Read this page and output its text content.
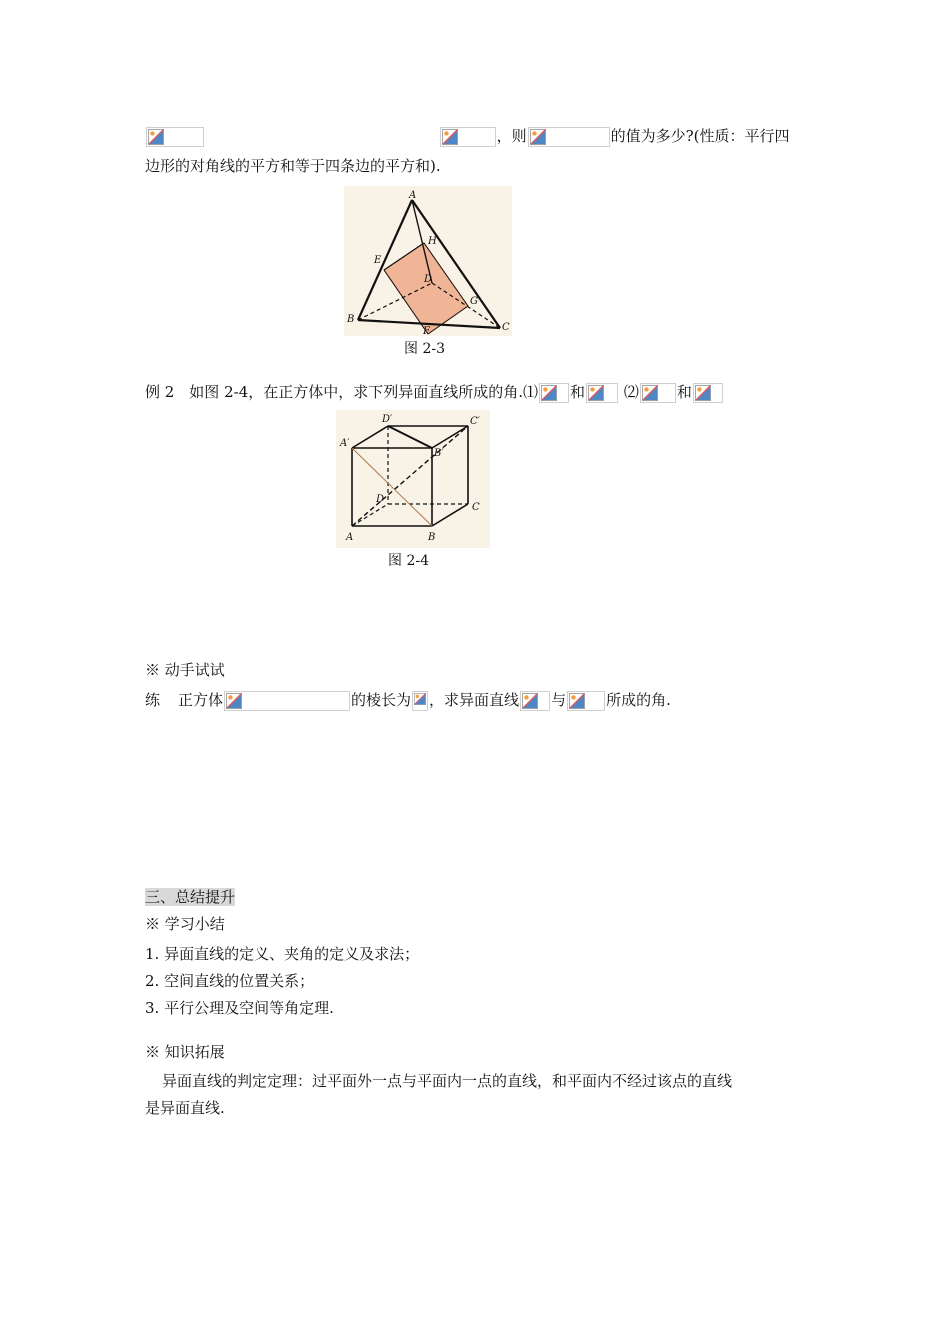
，则	的值为多少?(性质：平行四
边形的对角线的平方和等于四条边的平方和).
A
H
E
D
G
B
F	C
图 2-3
例 2　如图 2-4，在正方体中，求下列异面直线所成的角.⑴ 和	⑵	和
D′	C′
A′
B′
D
C
A	B
图 2-4
※ 动手试试
练 正方体	的棱长为 ，求异面直线 与	所成的角.
三、总结提升
※ 学习小结
1. 异面直线的定义、夹角的定义及求法；
2. 空间直线的位置关系；
3. 平行公理及空间等角定理.
※ 知识拓展
异面直线的判定定理：过平面外一点与平面内一点的直线，和平面内不经过该点的直线
是异面直线.
